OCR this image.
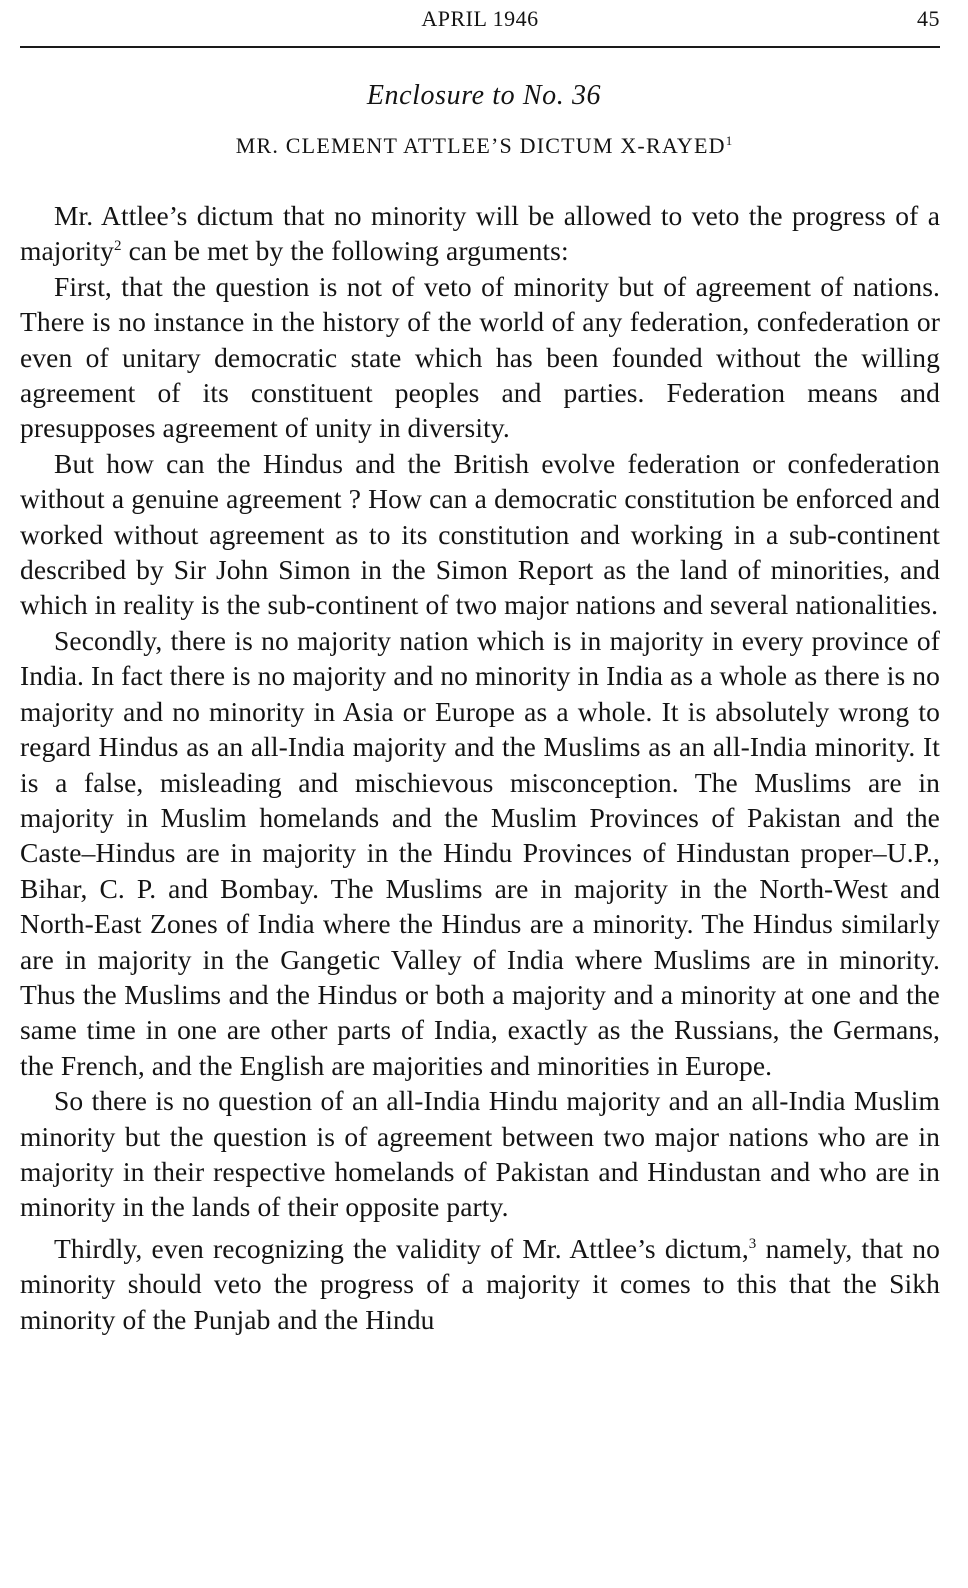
APRIL 1946	45
Enclosure to No. 36
MR. CLEMENT ATTLEE’S DICTUM X-RAYED$^1$

Mr. Attlee’s dictum that no minority will be allowed to veto the progress of a majority$^2$ can be met by the following arguments:

First, that the question is not of veto of minority but of agreement of nations. There is no instance in the history of the world of any federation, confederation or even of unitary democratic state which has been founded without the willing agreement of its constituent peoples and parties. Federation means and presupposes agreement of unity in diversity.

But how can the Hindus and the British evolve federation or confederation without a genuine agreement ? How can a democratic constitution be enforced and worked without agreement as to its constitution and working in a sub-continent described by Sir John Simon in the Simon Report as the land of minorities, and which in reality is the sub-continent of two major nations and several nationalities.

Secondly, there is no majority nation which is in majority in every province of India. In fact there is no majority and no minority in India as a whole as there is no majority and no minority in Asia or Europe as a whole. It is absolutely wrong to regard Hindus as an all-India majority and the Muslims as an all-India minority. It is a false, misleading and mischievous misconception. The Muslims are in majority in Muslim homelands and the Muslim Provinces of Pakistan and the Caste–Hindus are in majority in the Hindu Provinces of Hindustan proper–U.P., Bihar, C. P. and Bombay. The Muslims are in majority in the North-West and North-East Zones of India where the Hindus are a minority. The Hindus similarly are in majority in the Gangetic Valley of India where Muslims are in minority. Thus the Muslims and the Hindus or both a majority and a minority at one and the same time in one are other parts of India, exactly as the Russians, the Germans, the French, and the English are majorities and minorities in Europe.

So there is no question of an all-India Hindu majority and an all-India Muslim minority but the question is of agreement between two major nations who are in majority in their respective homelands of Pakistan and Hindustan and who are in minority in the lands of their opposite party.

Thirdly, even recognizing the validity of Mr. Attlee’s dictum,$^3$ namely, that no minority should veto the progress of a majority it comes to this that the Sikh minority of the Punjab and the Hindu
